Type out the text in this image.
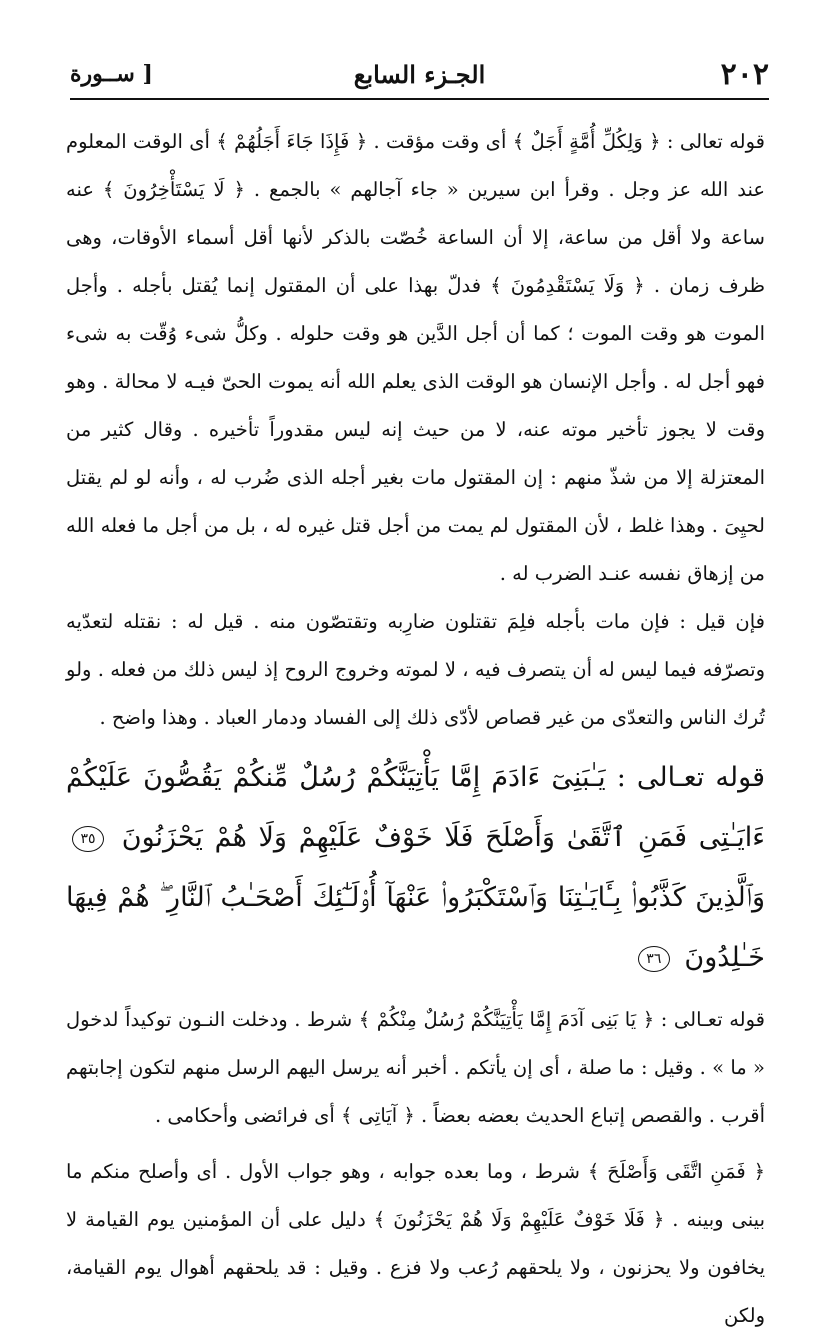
٢٠٢
الجـزء السابع
[ ســورة

قوله تعالى : ﴿ وَلِكُلِّ أُمَّةٍ أَجَلٌ ﴾ أى وقت مؤقت . ﴿ فَإِذَا جَاءَ أَجَلُهُمْ ﴾ أى الوقت المعلوم عند الله عز وجل . وقرأ ابن سيرين « جاء آجالهم » بالجمع . ﴿ لَا يَسْتَأْخِرُونَ ﴾ عنه ساعة ولا أقل من ساعة، إلا أن الساعة خُصّت بالذكر لأنها أقل أسماء الأوقات، وهى ظرف زمان . ﴿ وَلَا يَسْتَقْدِمُونَ ﴾ فدلّ بهذا على أن المقتول إنما يُقتل بأجله . وأجل الموت هو وقت الموت ؛ كما أن أجل الدَّين هو وقت حلوله . وكلُّ شىء وُقّت به شىء فهو أجل له . وأجل الإنسان هو الوقت الذى يعلم الله أنه يموت الحىّ فيـه لا محالة . وهو وقت لا يجوز تأخير موته عنه، لا من حيث إنه ليس مقدوراً تأخيره . وقال كثير من المعتزلة إلا من شذّ منهم : إن المقتول مات بغير أجله الذى ضُرب له ، وأنه لو لم يقتل لحيِىَ . وهذا غلط ، لأن المقتول لم يمت من أجل قتل غيره له ، بل من أجل ما فعله الله من إزهاق نفسه عنـد الضرب له .

فإن قيل : فإن مات بأجله فلِمَ تقتلون ضارِبه وتقتصّون منه . قيل له : نقتله لتعدّيه وتصرّفه فيما ليس له أن يتصرف فيه ، لا لموته وخروج الروح إذ ليس ذلك من فعله . ولو تُرك الناس والتعدّى من غير قصاص لأدّى ذلك إلى الفساد ودمار العباد . وهذا واضح .

قوله تعـالى : يَـٰبَنِىٓ ءَادَمَ إِمَّا يَأْتِيَنَّكُمْ رُسُلٌ مِّنكُمْ يَقُصُّونَ عَلَيْكُمْ ءَايَـٰتِى فَمَنِ ٱتَّقَىٰ وَأَصْلَحَ فَلَا خَوْفٌ عَلَيْهِمْ وَلَا هُمْ يَحْزَنُونَ ٣٥ وَٱلَّذِينَ كَذَّبُوا۟ بِـَٔايَـٰتِنَا وَٱسْتَكْبَرُوا۟ عَنْهَآ أُو۟لَـٰٓئِكَ أَصْحَـٰبُ ٱلنَّارِ ۖ هُمْ فِيهَا خَـٰلِدُونَ ٣٦

قوله تعـالى : ﴿ يَا بَنِى آدَمَ إِمَّا يَأْتِيَنَّكُمْ رُسُلٌ مِنْكُمْ ﴾ شرط . ودخلت النـون توكيداً لدخول « ما » . وقيل : ما صلة ، أى إن يأتكم . أخبر أنه يرسل اليهم الرسل منهم لتكون إجابتهم أقرب . والقصص إتباع الحديث بعضه بعضاً . ﴿ آيَاتِى ﴾ أى فرائضى وأحكامى .

﴿ فَمَنِ اتَّقَى وَأَصْلَحَ ﴾ شرط ، وما بعده جوابه ، وهو جواب الأول . أى وأصلح منكم ما بينى وبينه . ﴿ فَلَا خَوْفٌ عَلَيْهِمْ وَلَا هُمْ يَحْزَنُونَ ﴾ دليل على أن المؤمنين يوم القيامة لا يخافون ولا يحزنون ، ولا يلحقهم رُعب ولا فزع . وقيل : قد يلحقهم أهوال يوم القيامة، ولكن
